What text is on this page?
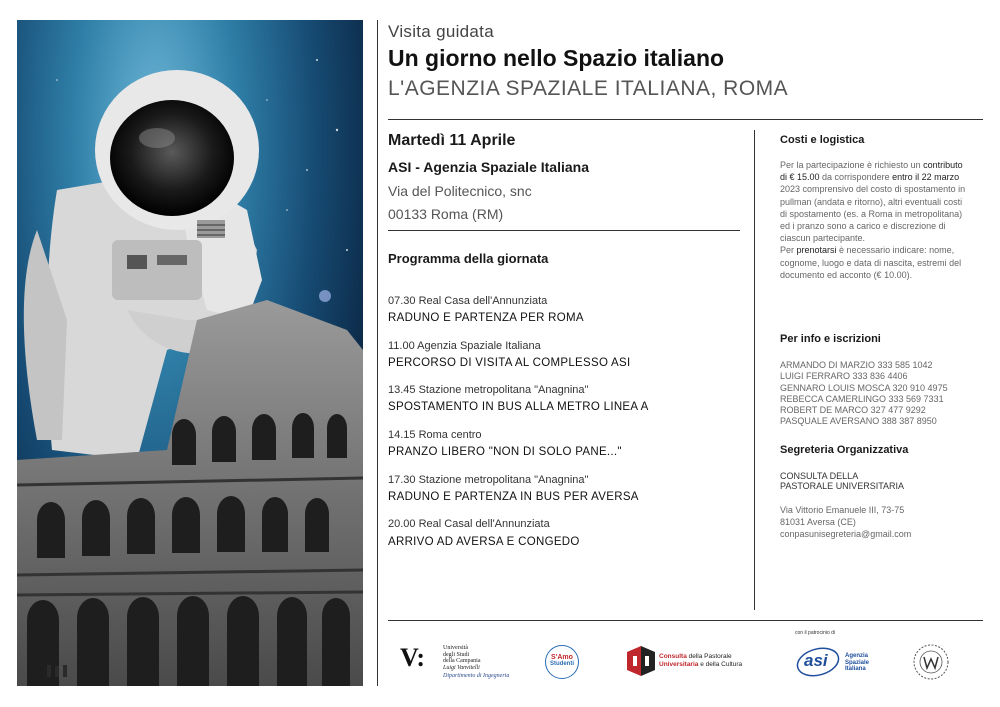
Visita guidata
Un giorno nello Spazio italiano
L'AGENZIA SPAZIALE ITALIANA, ROMA
Martedì 11 Aprile
ASI - Agenzia Spaziale Italiana
Via del Politecnico, snc
00133 Roma (RM)
Programma della giornata
07.30 Real Casa dell'Annunziata
RADUNO E PARTENZA PER ROMA
11.00 Agenzia Spaziale Italiana
PERCORSO DI VISITA AL COMPLESSO ASI
13.45 Stazione metropolitana "Anagnina"
SPOSTAMENTO IN BUS ALLA METRO LINEA A
14.15 Roma centro
PRANZO LIBERO "NON DI SOLO PANE..."
17.30 Stazione metropolitana "Anagnina"
RADUNO E PARTENZA IN BUS PER AVERSA
20.00 Real Casal dell'Annunziata
ARRIVO AD AVERSA E CONGEDO
Costi e logistica
Per la partecipazione è richiesto un contributo di € 15.00 da corrispondere entro il 22 marzo 2023 comprensivo del costo di spostamento in pullman (andata e ritorno), altri eventuali costi di spostamento (es. a Roma in metropolitana) ed i pranzo sono a carico e discrezione di ciascun partecipante.
Per prenotarsi è necessario indicare: nome, cognome, luogo e data di nascita, estremi del documento ed acconto (€ 10.00).
Per info e iscrizioni
ARMANDO DI MARZIO 333 585 1042
LUIGI FERRARO 333 836 4406
GENNARO LOUIS MOSCA 320 910 4975
REBECCA CAMERLINGO 333 569 7331
ROBERT DE MARCO 327 477 9292
PASQUALE AVERSANO 388 387 8950
Segreteria Organizzativa
CONSULTA DELLA
PASTORALE UNIVERSITARIA
Via Vittorio Emanuele III, 73-75
81031 Aversa (CE)
conpasunisegreteria@gmail.com
con il patrocinio di
V:	Università
degli Studi
della Campania
Luigi Vanvitelli
Dipartimento di Ingegneria
S'Amo
Studenti
Consulta della Pastorale
Universitaria e della Cultura	asi	Agenzia
Spaziale
Italiana
